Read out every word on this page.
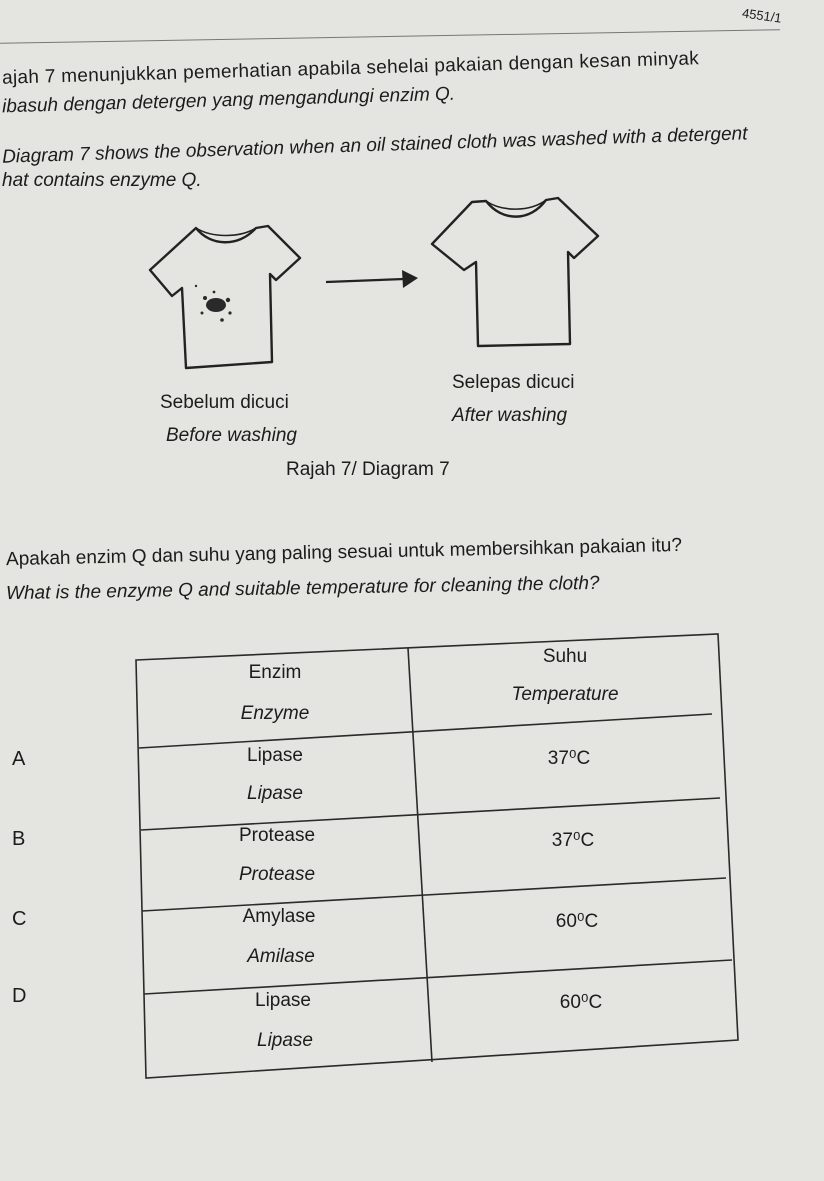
4551/1
ajah 7 menunjukkan pemerhatian apabila sehelai pakaian dengan kesan minyak
ibasuh dengan detergen yang mengandungi enzim Q.
Diagram 7 shows the observation when an oil stained cloth was washed with a detergent
hat contains enzyme Q.
Sebelum dicuci
Before washing
Selepas dicuci
After washing
Rajah 7/ Diagram 7
Apakah enzim Q dan suhu yang paling sesuai untuk membersihkan pakaian itu?
What is the enzyme Q and suitable temperature for cleaning the cloth?
Enzim
Enzyme
Suhu
Temperature
A
B
C
D
Lipase
Lipase
37⁰C
Protease
Protease
37⁰C
Amylase
Amilase
60⁰C
Lipase
Lipase
60⁰C
